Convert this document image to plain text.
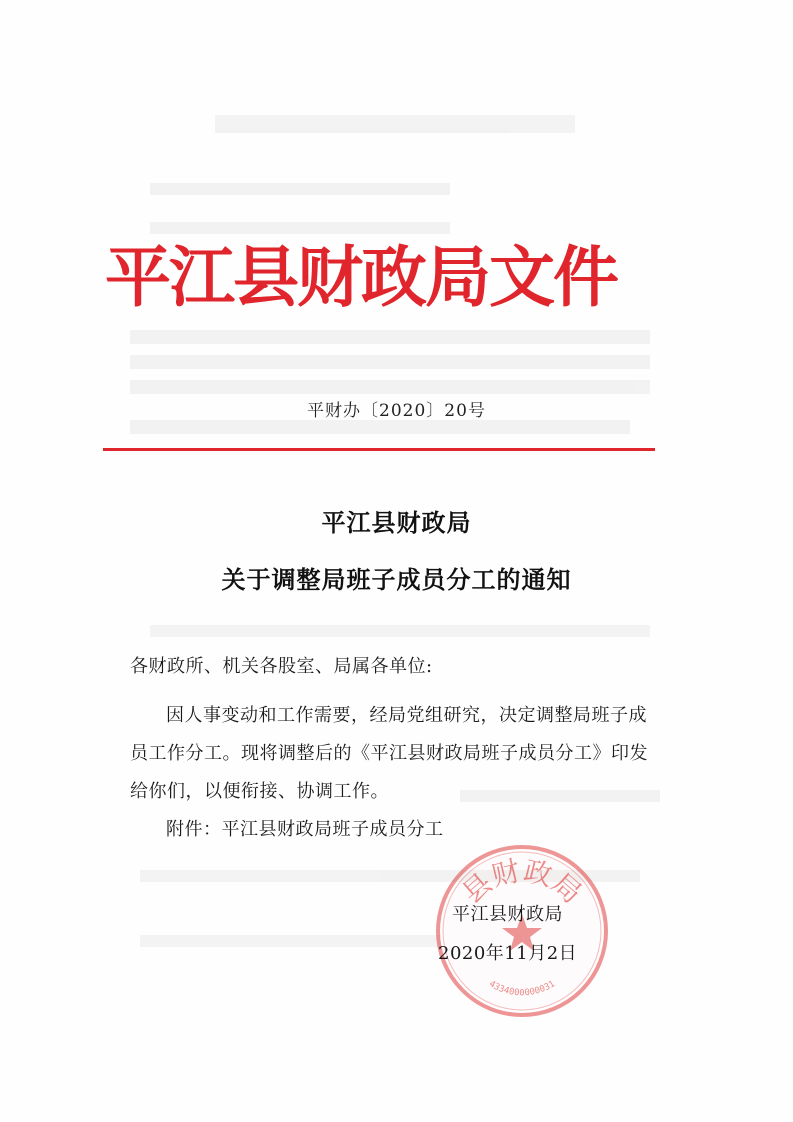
平江县财政局文件
平财办〔2020〕20号
平江县财政局
关于调整局班子成员分工的通知
各财政所、机关各股室、局属各单位:
因人事变动和工作需要，经局党组研究，决定调整局班子成员工作分工。现将调整后的《平江县财政局班子成员分工》印发给你们，以便衔接、协调工作。
附件：平江县财政局班子成员分工
县财政局
4334000000031
平江县财政局
2020年11月2日
